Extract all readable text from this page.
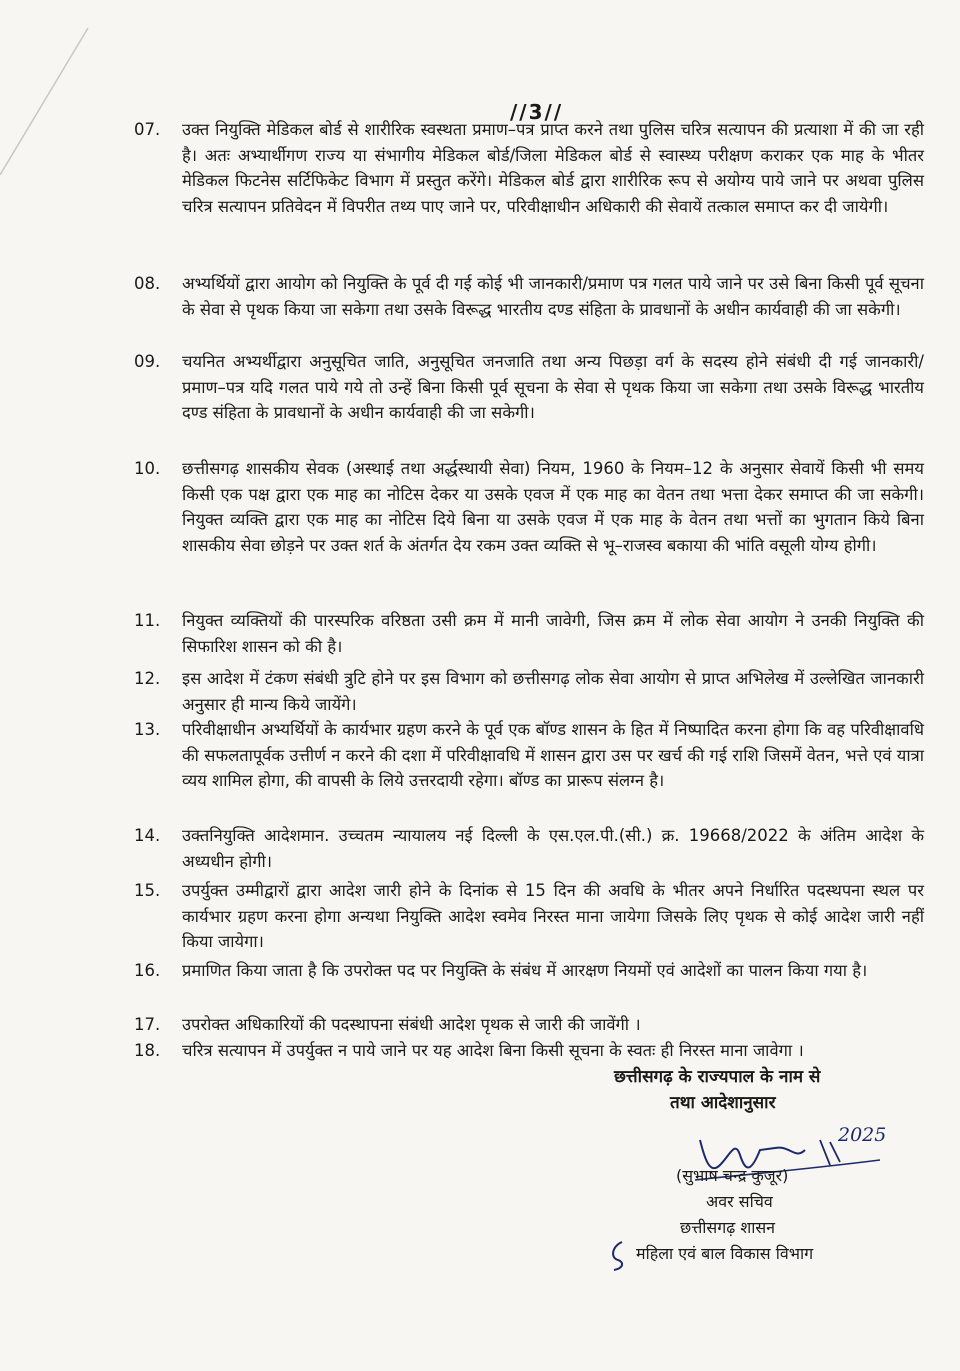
//3//
07.	उक्त नियुक्ति मेडिकल बोर्ड से शारीरिक स्वस्थता प्रमाण–पत्र प्राप्त करने तथा पुलिस चरित्र सत्यापन की प्रत्याशा में की जा रही है। अतः अभ्यार्थीगण राज्य या संभागीय मेडिकल बोर्ड/जिला मेडिकल बोर्ड से स्वास्थ्य परीक्षण कराकर एक माह के भीतर मेडिकल फिटनेस सर्टिफिकेट विभाग में प्रस्तुत करेंगे। मेडिकल बोर्ड द्वारा शारीरिक रूप से अयोग्य पाये जाने पर अथवा पुलिस चरित्र सत्यापन प्रतिवेदन में विपरीत तथ्य पाए जाने पर, परिवीक्षाधीन अधिकारी की सेवायें तत्काल समाप्त कर दी जायेगी।
08.	अभ्यर्थियों द्वारा आयोग को नियुक्ति के पूर्व दी गई कोई भी जानकारी/प्रमाण पत्र गलत पाये जाने पर उसे बिना किसी पूर्व सूचना के सेवा से पृथक किया जा सकेगा तथा उसके विरूद्ध भारतीय दण्ड संहिता के प्रावधानों के अधीन कार्यवाही की जा सकेगी।
09.	चयनित अभ्यर्थीद्वारा अनुसूचित जाति, अनुसूचित जनजाति तथा अन्य पिछड़ा वर्ग के सदस्य होने संबंधी दी गई जानकारी/प्रमाण–पत्र यदि गलत पाये गये तो उन्हें बिना किसी पूर्व सूचना के सेवा से पृथक किया जा सकेगा तथा उसके विरूद्ध भारतीय दण्ड संहिता के प्रावधानों के अधीन कार्यवाही की जा सकेगी।
10.	छत्तीसगढ़ शासकीय सेवक (अस्थाई तथा अर्द्धस्थायी सेवा) नियम, 1960 के नियम–12 के अनुसार सेवायें किसी भी समय किसी एक पक्ष द्वारा एक माह का नोटिस देकर या उसके एवज में एक माह का वेतन तथा भत्ता देकर समाप्त की जा सकेगी। नियुक्त व्यक्ति द्वारा एक माह का नोटिस दिये बिना या उसके एवज में एक माह के वेतन तथा भत्तों का भुगतान किये बिना शासकीय सेवा छोड़ने पर उक्त शर्त के अंतर्गत देय रकम उक्त व्यक्ति से भू–राजस्व बकाया की भांति वसूली योग्य होगी।
11.	नियुक्त व्यक्तियों की पारस्परिक वरिष्ठता उसी क्रम में मानी जावेगी, जिस क्रम में लोक सेवा आयोग ने उनकी नियुक्ति की सिफारिश शासन को की है।
12.	इस आदेश में टंकण संबंधी त्रुटि होने पर इस विभाग को छत्तीसगढ़ लोक सेवा आयोग से प्राप्त अभिलेख में उल्लेखित जानकारी अनुसार ही मान्य किये जायेंगे।
13.	परिवीक्षाधीन अभ्यर्थियों के कार्यभार ग्रहण करने के पूर्व एक बॉण्ड शासन के हित में निष्पादित करना होगा कि वह परिवीक्षावधि की सफलतापूर्वक उत्तीर्ण न करने की दशा में परिवीक्षावधि में शासन द्वारा उस पर खर्च की गई राशि जिसमें वेतन, भत्ते एवं यात्रा व्यय शामिल होगा, की वापसी के लिये उत्तरदायी रहेगा। बॉण्ड का प्रारूप संलग्न है।
14.	उक्तनियुक्ति आदेशमान. उच्चतम न्यायालय नई दिल्ली के एस.एल.पी.(सी.) क्र. 19668/2022 के अंतिम आदेश के अध्यधीन होगी।
15.	उपर्युक्त उम्मीद्वारों द्वारा आदेश जारी होने के दिनांक से 15 दिन की अवधि के भीतर अपने निर्धारित पदस्थपना स्थल पर कार्यभार ग्रहण करना होगा अन्यथा नियुक्ति आदेश स्वमेव निरस्त माना जायेगा जिसके लिए पृथक से कोई आदेश जारी नहीं किया जायेगा।
16.	प्रमाणित किया जाता है कि उपरोक्त पद पर नियुक्ति के संबंध में आरक्षण नियमों एवं आदेशों का पालन किया गया है।
17.	उपरोक्त अधिकारियों की पदस्थापना संबंधी आदेश पृथक से जारी की जावेंगी ।
18.	चरित्र सत्यापन में उपर्युक्त न पाये जाने पर यह आदेश बिना किसी सूचना के स्वतः ही निरस्त माना जावेगा ।
छत्तीसगढ़ के राज्यपाल के नाम से
तथा आदेशानुसार
2025
(सुभाष चन्द्र कुजूर)
अवर सचिव
छत्तीसगढ़ शासन
महिला एवं बाल विकास विभाग
